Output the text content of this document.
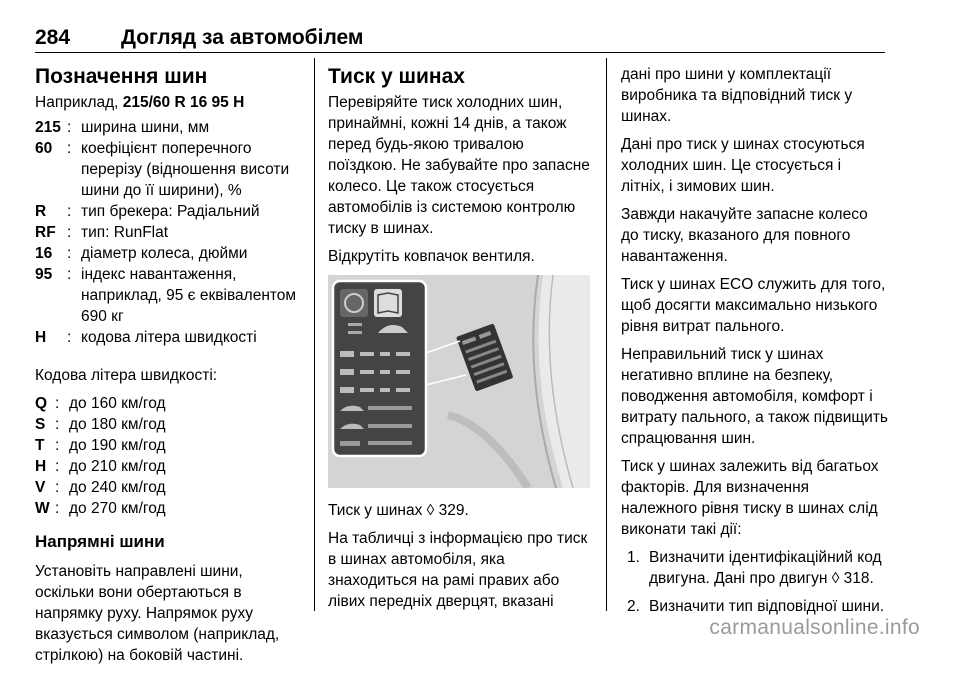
284 Догляд за автомобілем
Позначення шин

Наприклад, 215/60 R 16 95 H

215 : ширина шини, мм
60 : коефіцієнт поперечного перерізу (відношення висоти шини до її ширини), %
R	: тип брекера: Радіальний
RF : тип: RunFlat
16 : діаметр колеса, дюйми
95 : індекс навантаження, наприклад, 95 є еквівалентом 690 кг
H	: кодова літера швидкості

Кодова літера швидкості:

Q : до 160 км/год
S : до 180 км/год
T : до 190 км/год
H : до 210 км/год
V : до 240 км/год
W : до 270 км/год
Напрямні шини

Установіть направлені шини, оскільки вони обертаються в напрямку руху. Напрямок руху вказується символом (наприклад, стрілкою) на боковій частині.

Тиск у шинах

Перевіряйте тиск холодних шин, принаймні, кожні 14 днів, а також перед будь-якою тривалою поїздкою. Не забувайте про запасне колесо. Це також стосується автомобілів із системою контролю тиску в шинах.

Відкрутіть ковпачок вентиля.

Тиск у шинах ◊ 329.

На табличці з інформацією про тиск в шинах автомобіля, яка знаходиться на рамі правих або лівих передніх дверцят, вказані

дані про шини у комплектації виробника та відповідний тиск у шинах.

Дані про тиск у шинах стосуються холодних шин. Це стосується і літніх, і зимових шин.

Завжди накачуйте запасне колесо до тиску, вказаного для повного навантаження.

Тиск у шинах ECO служить для того, щоб досягти максимально низького рівня витрат пального.

Неправильний тиск у шинах негативно вплине на безпеку, поводження автомобіля, комфорт і витрату пального, а також підвищить спрацювання шин.

Тиск у шинах залежить від багатьох факторів. Для визначення належного рівня тиску в шинах слід виконати такі дії:

1. Визначити ідентифікаційний код двигуна. Дані про двигун ◊ 318.
2. Визначити тип відповідної шини.
carmanualsonline.info
